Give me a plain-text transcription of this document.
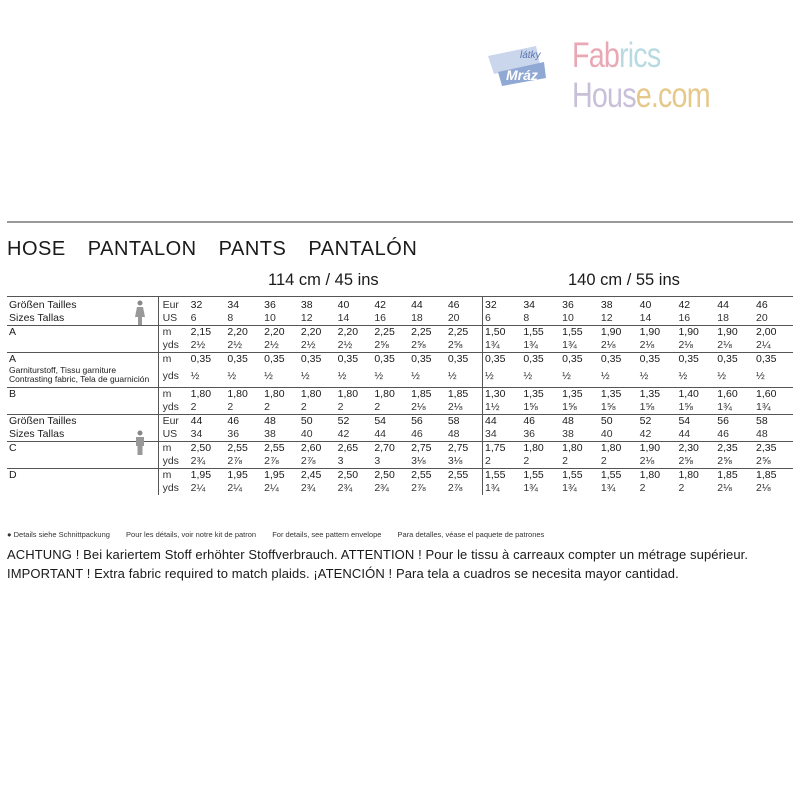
látky
Mráz Fabrics House.com
HOSE PANTALON PANTS PANTALÓN
114 cm / 45 ins	140 cm / 55 ins
Größen Tailles	Eur	32	34	36	38	40	42	44	46	32	34	36	38	40	42	44	46
Sizes Tallas	US	6	8	10	12	14	16	18	20	6	8	10	12	14	16	18	20
A	m	2,15	2,20	2,20	2,20	2,20	2,25	2,25	2,25	1,50	1,55	1,55	1,90	1,90	1,90	1,90	2,00
	yds	2½	2½	2½	2½	2½	2⅝	2⅝	2⅝	1¾	1¾	1¾	2⅛	2⅛	2⅛	2⅛	2¼
A
Garniturstoff, Tissu garniture Contrasting fabric, Tela de guarnición	m	0,35	0,35	0,35	0,35	0,35	0,35	0,35	0,35	0,35	0,35	0,35	0,35	0,35	0,35	0,35	0,35
	yds	½	½	½	½	½	½	½	½	½	½	½	½	½	½	½	½
B	m	1,80	1,80	1,80	1,80	1,80	1,80	1,85	1,85	1,30	1,35	1,35	1,35	1,35	1,40	1,60	1,60
	yds	2	2	2	2	2	2	2⅛	2⅛	1½	1⅝	1⅝	1⅝	1⅝	1⅝	1¾	1¾
Größen Tailles	Eur	44	46	48	50	52	54	56	58	44	46	48	50	52	54	56	58
Sizes Tallas	US	34	36	38	40	42	44	46	48	34	36	38	40	42	44	46	48
C	m	2,50	2,55	2,55	2,60	2,65	2,70	2,75	2,75	1,75	1,80	1,80	1,80	1,90	2,30	2,35	2,35
	yds	2¾	2⅞	2⅞	2⅞	3	3	3⅛	3⅛	2	2	2	2	2⅛	2⅝	2⅝	2⅝
D	m	1,95	1,95	1,95	2,45	2,50	2,50	2,55	2,55	1,55	1,55	1,55	1,55	1,80	1,80	1,85	1,85
	yds	2¼	2¼	2¼	2¾	2¾	2¾	2⅞	2⅞	1¾	1¾	1¾	1¾	2	2	2⅛	2⅛
● Details siehe Schnittpackung Pour les détails, voir notre kit de patron For details, see pattern envelope Para detalles, véase el paquete de patrones
ACHTUNG ! Bei kariertem Stoff erhöhter Stoffverbrauch. ATTENTION ! Pour le tissu à carreaux compter un métrage supérieur.
IMPORTANT ! Extra fabric required to match plaids. ¡ATENCIÓN ! Para tela a cuadros se necesita mayor cantidad.
